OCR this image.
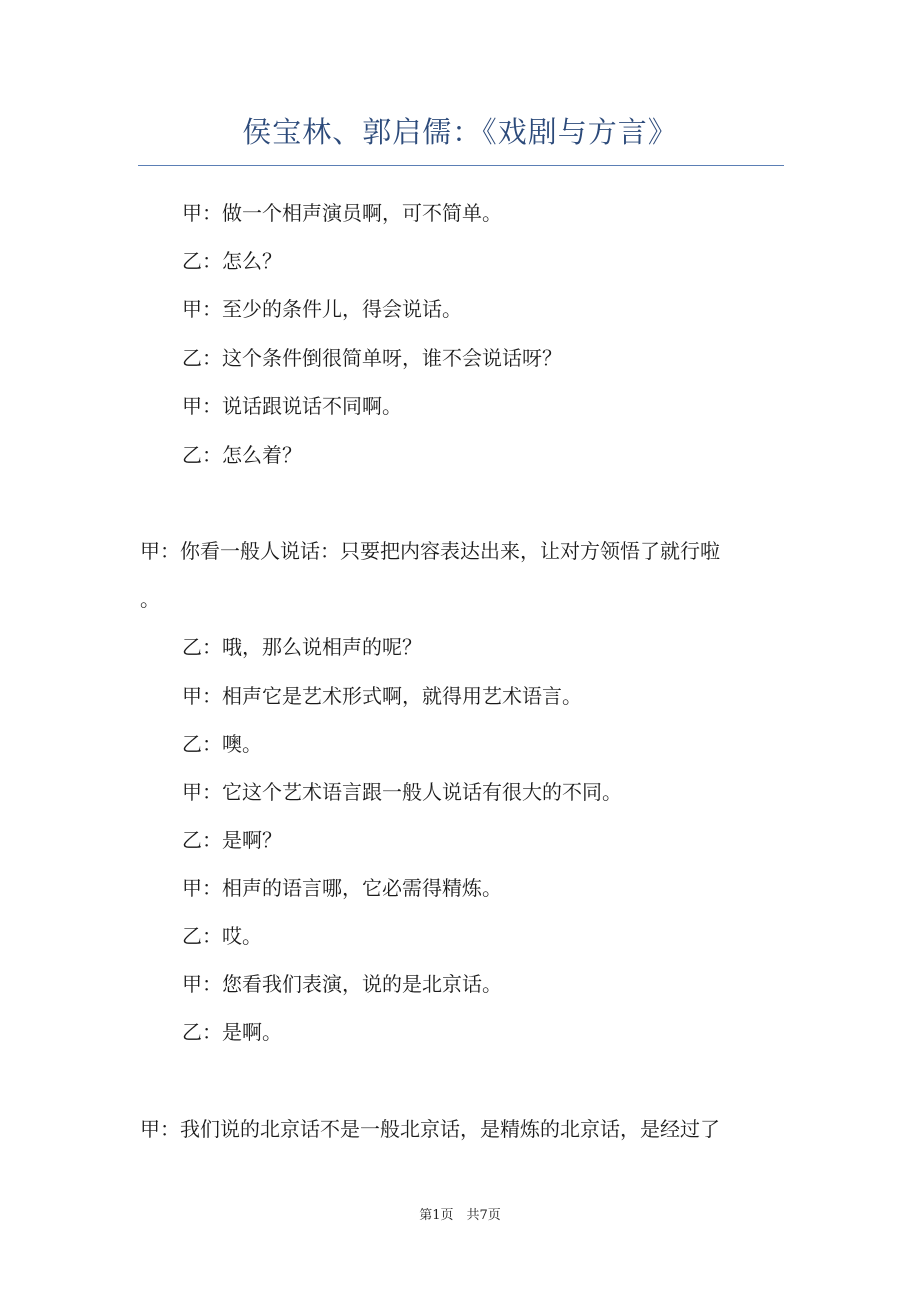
侯宝林、郭启儒：《戏剧与方言》
甲：做一个相声演员啊，可不简单。
乙：怎么？
甲：至少的条件儿，得会说话。
乙：这个条件倒很简单呀，谁不会说话呀？
甲：说话跟说话不同啊。
乙：怎么着？
甲：你看一般人说话：只要把内容表达出来，让对方领悟了就行啦
。
乙：哦，那么说相声的呢？
甲：相声它是艺术形式啊，就得用艺术语言。
乙：噢。
甲：它这个艺术语言跟一般人说话有很大的不同。
乙：是啊？
甲：相声的语言哪，它必需得精炼。
乙：哎。
甲：您看我们表演，说的是北京话。
乙：是啊。
甲：我们说的北京话不是一般北京话，是精炼的北京话，是经过了
第1页　共7页
